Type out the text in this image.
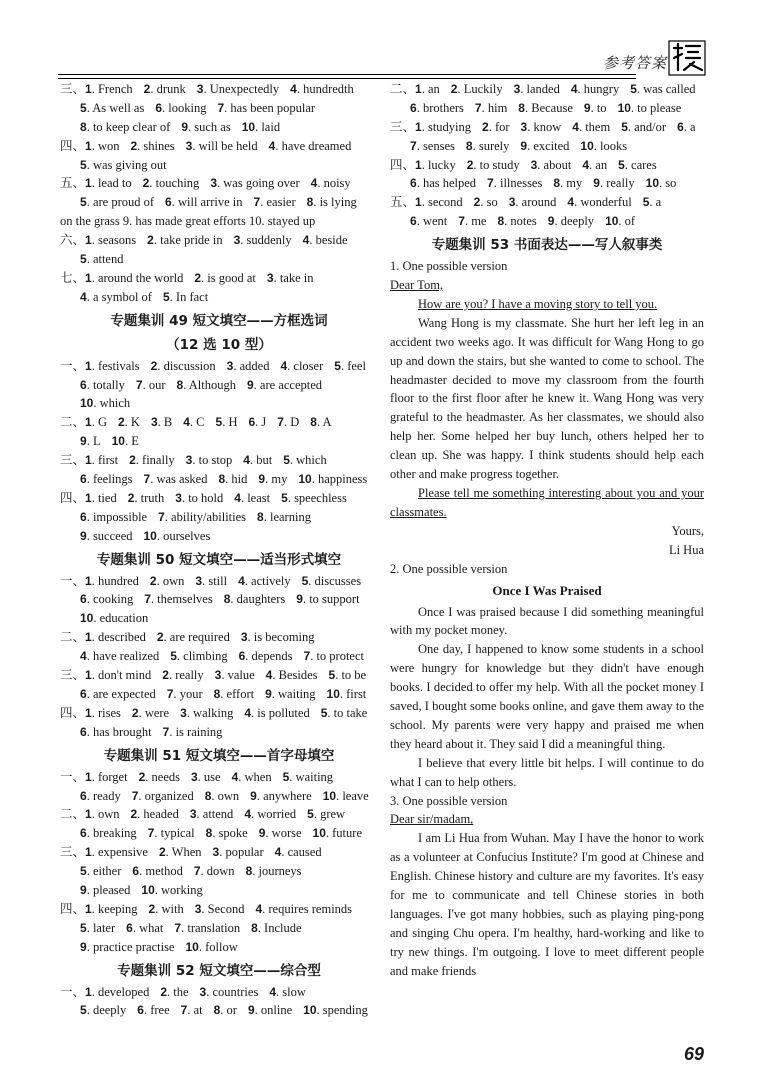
参考答案
三、1. French 2. drunk 3. Unexpectedly 4. hundredth
5. As well as 6. looking 7. has been popular
8. to keep clear of 9. such as 10. laid
四、1. won 2. shines 3. will be held 4. have dreamed
5. was giving out
五、1. lead to 2. touching 3. was going over 4. noisy
5. are proud of 6. will arrive in 7. easier 8. is lying
on the grass 9. has made great efforts 10. stayed up
六、1. seasons 2. take pride in 3. suddenly 4. beside
5. attend
七、1. around the world 2. is good at 3. take in
4. a symbol of 5. In fact
专题集训 49 短文填空——方框选词
（12 选 10 型）
一、1. festivals 2. discussion 3. added 4. closer 5. feel
6. totally 7. our 8. Although 9. are accepted
10. which
二、1. G 2. K 3. B 4. C 5. H 6. J 7. D 8. A
9. L 10. E
三、1. first 2. finally 3. to stop 4. but 5. which
6. feelings 7. was asked 8. hid 9. my 10. happiness
四、1. tied 2. truth 3. to hold 4. least 5. speechless
6. impossible 7. ability/abilities 8. learning
9. succeed 10. ourselves
专题集训 50 短文填空——适当形式填空
一、1. hundred 2. own 3. still 4. actively 5. discusses
6. cooking 7. themselves 8. daughters 9. to support
10. education
二、1. described 2. are required 3. is becoming
4. have realized 5. climbing 6. depends 7. to protect
三、1. don't mind 2. really 3. value 4. Besides 5. to be
6. are expected 7. your 8. effort 9. waiting 10. first
四、1. rises 2. were 3. walking 4. is polluted 5. to take
6. has brought 7. is raining
专题集训 51 短文填空——首字母填空
一、1. forget 2. needs 3. use 4. when 5. waiting
6. ready 7. organized 8. own 9. anywhere 10. leave
二、1. own 2. headed 3. attend 4. worried 5. grew
6. breaking 7. typical 8. spoke 9. worse 10. future
三、1. expensive 2. When 3. popular 4. caused
5. either 6. method 7. down 8. journeys
9. pleased 10. working
四、1. keeping 2. with 3. Second 4. requires reminds
5. later 6. what 7. translation 8. Include
9. practice practise 10. follow
专题集训 52 短文填空——综合型
一、1. developed 2. the 3. countries 4. slow
5. deeply 6. free 7. at 8. or 9. online 10. spending
二、1. an 2. Luckily 3. landed 4. hungry 5. was called
6. brothers 7. him 8. Because 9. to 10. to please
三、1. studying 2. for 3. know 4. them 5. and/or 6. a
7. senses 8. surely 9. excited 10. looks
四、1. lucky 2. to study 3. about 4. an 5. cares
6. has helped 7. illnesses 8. my 9. really 10. so
五、1. second 2. so 3. around 4. wonderful 5. a
6. went 7. me 8. notes 9. deeply 10. of
专题集训 53 书面表达——写人叙事类
1. One possible version

Dear Tom,

How are you? I have a moving story to tell you.

Wang Hong is my classmate. She hurt her left leg in an accident two weeks ago. It was difficult for Wang Hong to go up and down the stairs, but she wanted to come to school. The headmaster decided to move my classroom from the fourth floor to the first floor after he knew it. Wang Hong was very grateful to the headmaster. As her classmates, we should also help her. Some helped her buy lunch, others helped her to clean up. She was happy. I think students should help each other and make progress together.

Please tell me something interesting about you and your classmates.

Yours,

Li Hua

2. One possible version
Once I Was Praised

Once I was praised because I did something meaningful with my pocket money.

One day, I happened to know some students in a school were hungry for knowledge but they didn't have enough books. I decided to offer my help. With all the pocket money I saved, I bought some books online, and gave them away to the school. My parents were very happy and praised me when they heard about it. They said I did a meaningful thing.

I believe that every little bit helps. I will continue to do what I can to help others.

3. One possible version

Dear sir/madam,

I am Li Hua from Wuhan. May I have the honor to work as a volunteer at Confucius Institute? I'm good at Chinese and English. Chinese history and culture are my favorites. It's easy for me to communicate and tell Chinese stories in both languages. I've got many hobbies, such as playing ping-pong and singing Chu opera. I'm healthy, hard-working and like to try new things. I'm outgoing. I love to meet different people and make friends

69
